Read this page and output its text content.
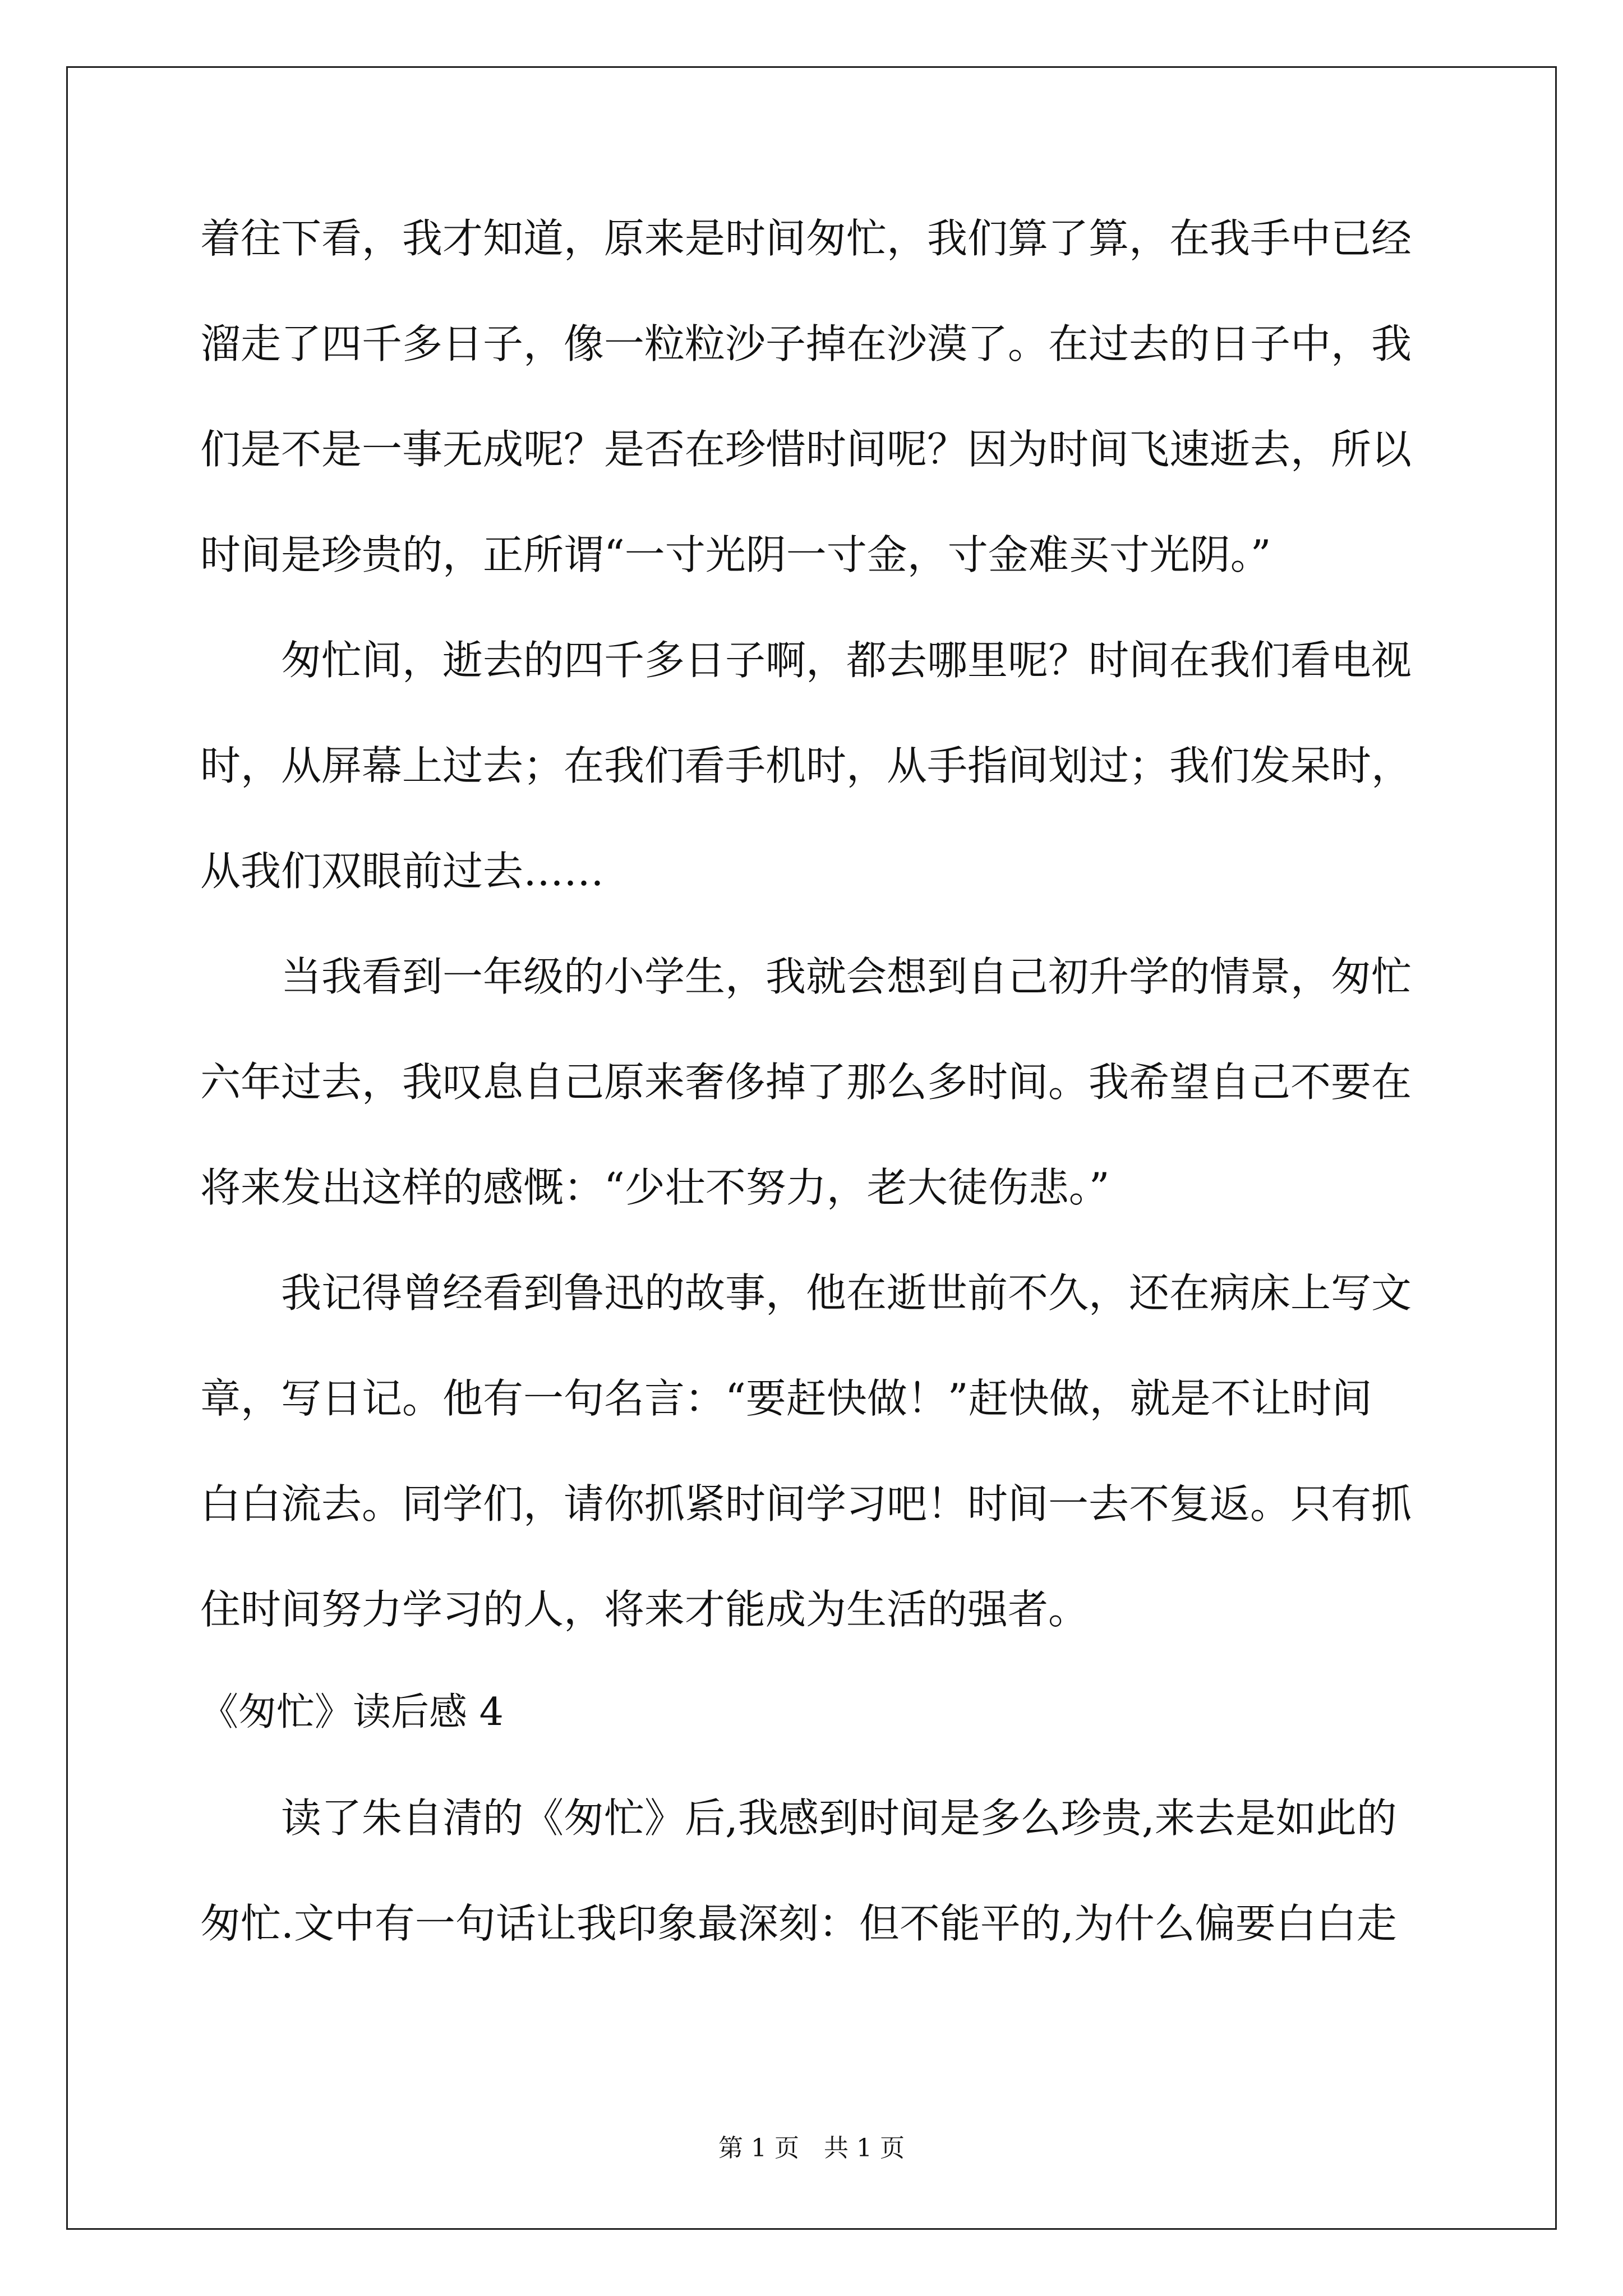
着往下看，我才知道，原来是时间匆忙，我们算了算，在我手中已经
溜走了四千多日子，像一粒粒沙子掉在沙漠了。在过去的日子中，我
们是不是一事无成呢？是否在珍惜时间呢？因为时间飞速逝去，所以
时间是珍贵的，正所谓“一寸光阴一寸金，寸金难买寸光阴。”
　　匆忙间，逝去的四千多日子啊，都去哪里呢？时间在我们看电视
时，从屏幕上过去；在我们看手机时，从手指间划过；我们发呆时，
从我们双眼前过去……
　　当我看到一年级的小学生，我就会想到自己初升学的情景，匆忙
六年过去，我叹息自己原来奢侈掉了那么多时间。我希望自己不要在
将来发出这样的感慨：“少壮不努力，老大徒伤悲。”
　　我记得曾经看到鲁迅的故事，他在逝世前不久，还在病床上写文
章，写日记。他有一句名言：“要赶快做！”赶快做，就是不让时间
白白流去。同学们，请你抓紧时间学习吧！时间一去不复返。只有抓
住时间努力学习的人，将来才能成为生活的强者。
《匆忙》读后感 4
　　读了朱自清的《匆忙》后,我感到时间是多么珍贵,来去是如此的
匆忙.文中有一句话让我印象最深刻：但不能平的,为什么偏要白白走
第 1 页　共 1 页
